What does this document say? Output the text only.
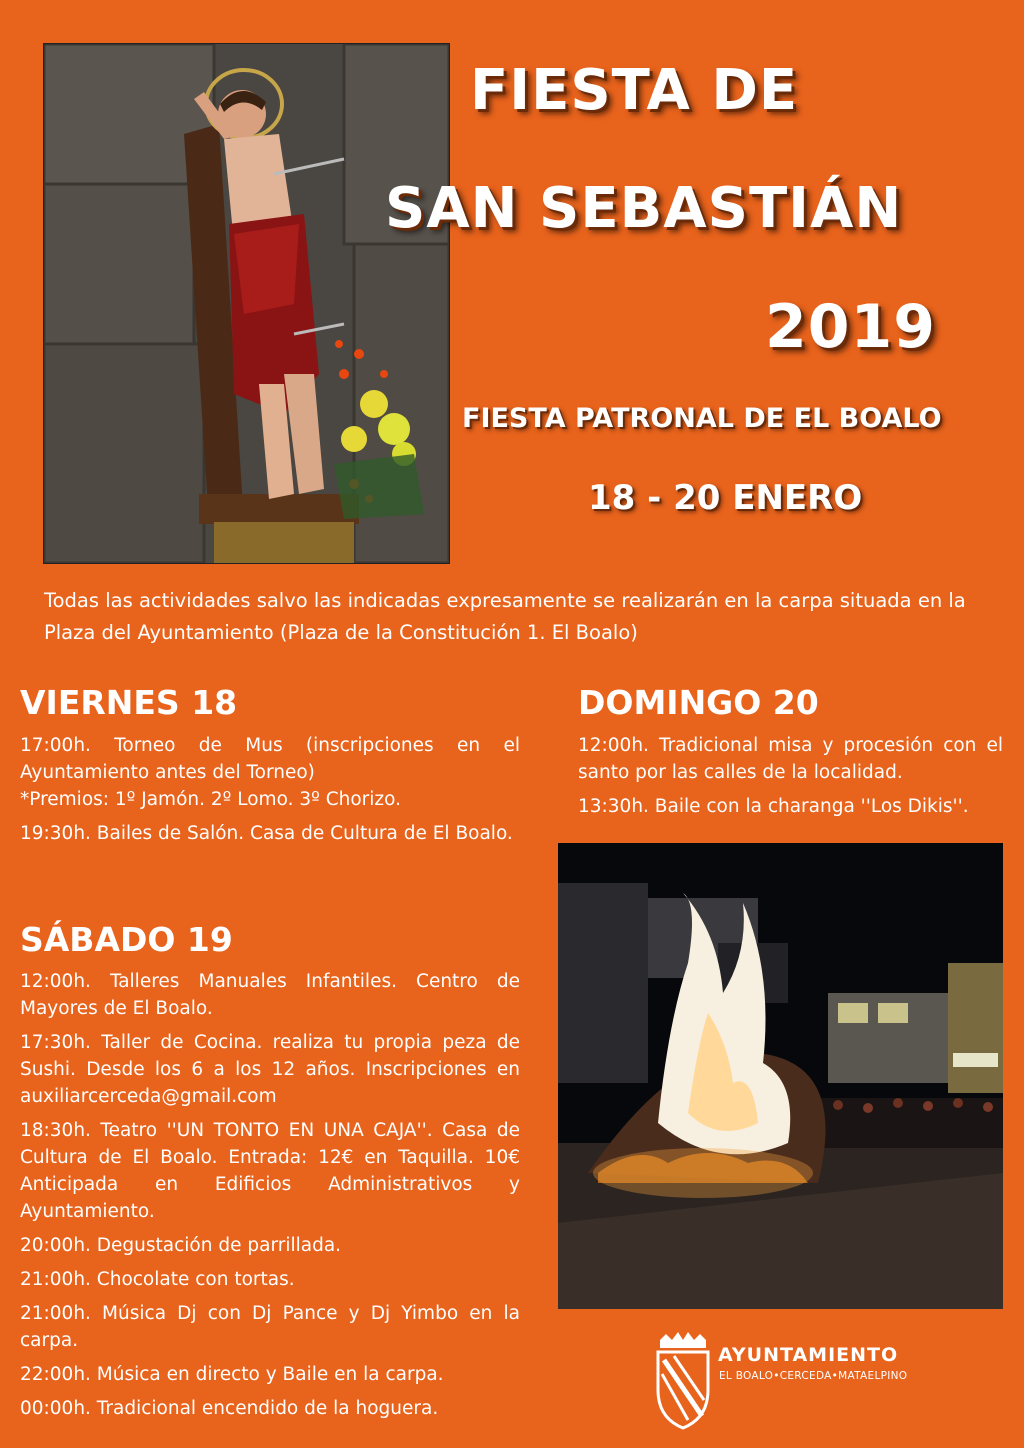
FIESTA DE
SAN SEBASTIÁN
2019
FIESTA PATRONAL DE EL BOALO
18 - 20 ENERO
Todas las actividades salvo las indicadas expresamente se realizarán en la carpa situada en la Plaza del Ayuntamiento (Plaza de la Constitución 1. El Boalo)
VIERNES 18

17:00h. Torneo de Mus (inscripciones en el Ayuntamiento antes del Torneo)

*Premios: 1º Jamón. 2º Lomo. 3º Chorizo.

19:30h. Bailes de Salón. Casa de Cultura de El Boalo.

SÁBADO 19

12:00h. Talleres Manuales Infantiles. Centro de Mayores de El Boalo.

17:30h. Taller de Cocina. realiza tu propia peza de Sushi. Desde los 6 a los 12 años. Inscripciones en auxiliarcerceda@gmail.com

18:30h. Teatro ''UN TONTO EN UNA CAJA''. Casa de Cultura de El Boalo. Entrada: 12€ en Taquilla. 10€ Anticipada en Edificios Administrativos y Ayuntamiento.

20:00h. Degustación de parrillada.

21:00h. Chocolate con tortas.

21:00h. Música Dj con Dj Pance y Dj Yimbo en la carpa.

22:00h. Música en directo y Baile en la carpa.

00:00h. Tradicional encendido de la hoguera.

DOMINGO 20

12:00h. Tradicional misa y procesión con el santo por las calles de la localidad.

13:30h. Baile con la charanga ''Los Dikis''.

AYUNTAMIENTO
EL BOALO•CERCEDA•MATAELPINO
